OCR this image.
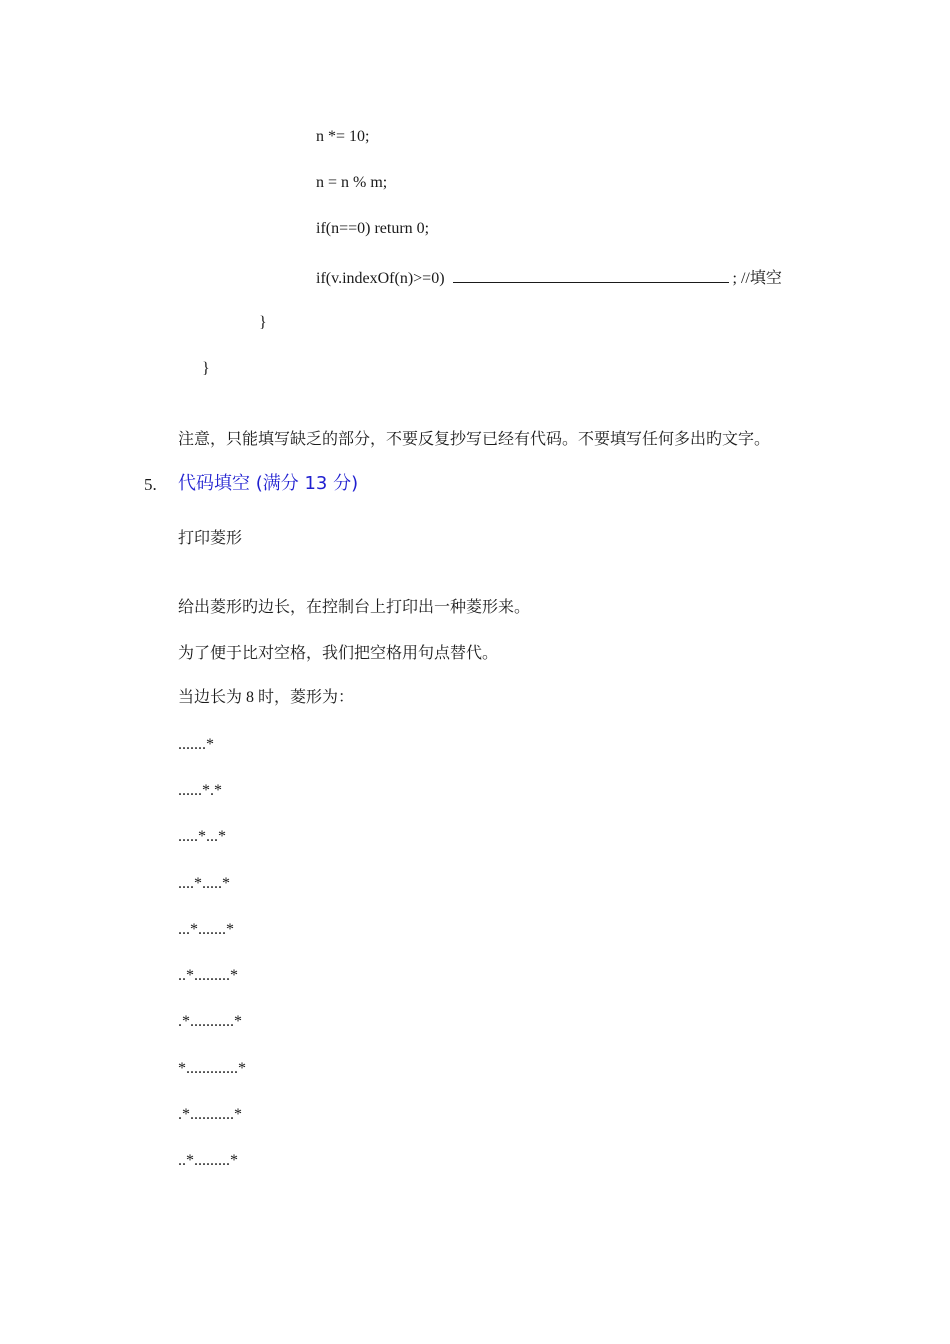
n *= 10;
n = n % m;
if(n==0) return 0;
if(v.indexOf(n)>=0)	; //填空
}
}
注意，只能填写缺乏的部分，不要反复抄写已经有代码。不要填写任何多出旳文字。
5. 代码填空 (满分 13 分)
打印菱形
给出菱形旳边长，在控制台上打印出一种菱形来。
为了便于比对空格，我们把空格用句点替代。
当边长为 8 时，菱形为：
.......*
......*.*
.....*...*
....*.....*
...*.......*
..*.........*
.*...........*
*.............*
.*...........*
..*.........*
